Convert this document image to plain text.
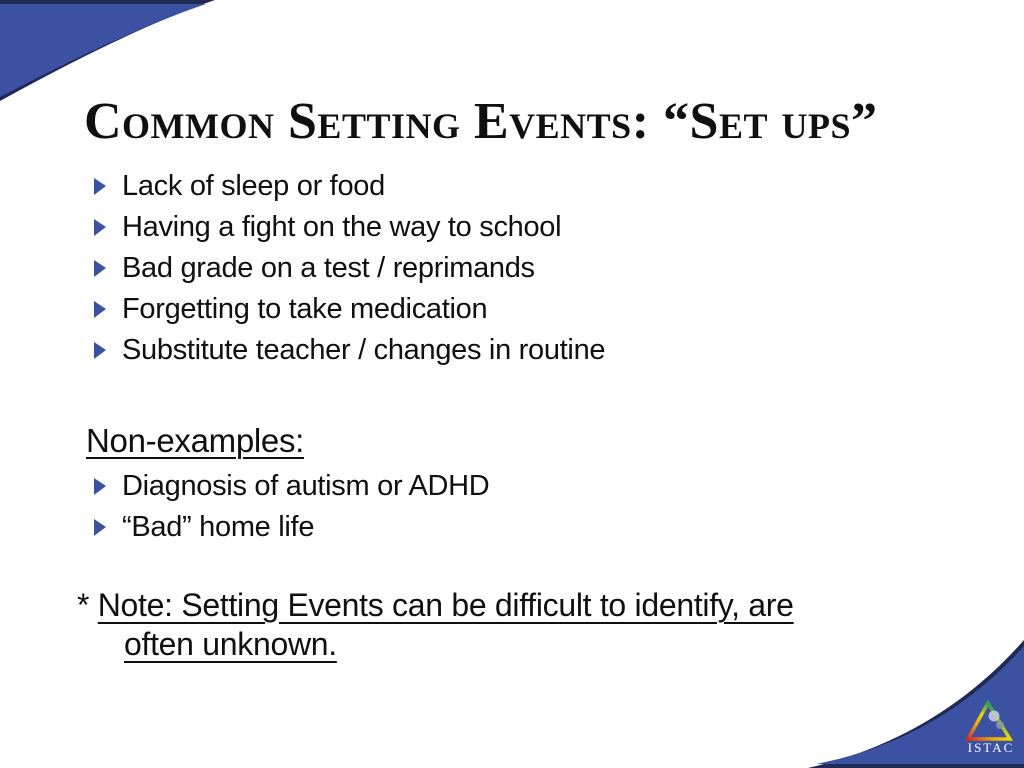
Common Setting Events: “Set ups”
Lack of sleep or food
Having a fight on the way to school
Bad grade on a test / reprimands
Forgetting to take medication
Substitute teacher / changes in routine
Non-examples:
Diagnosis of autism or ADHD
“Bad” home life
* Note: Setting Events can be difficult to identify, are
often unknown.
ISTAC
